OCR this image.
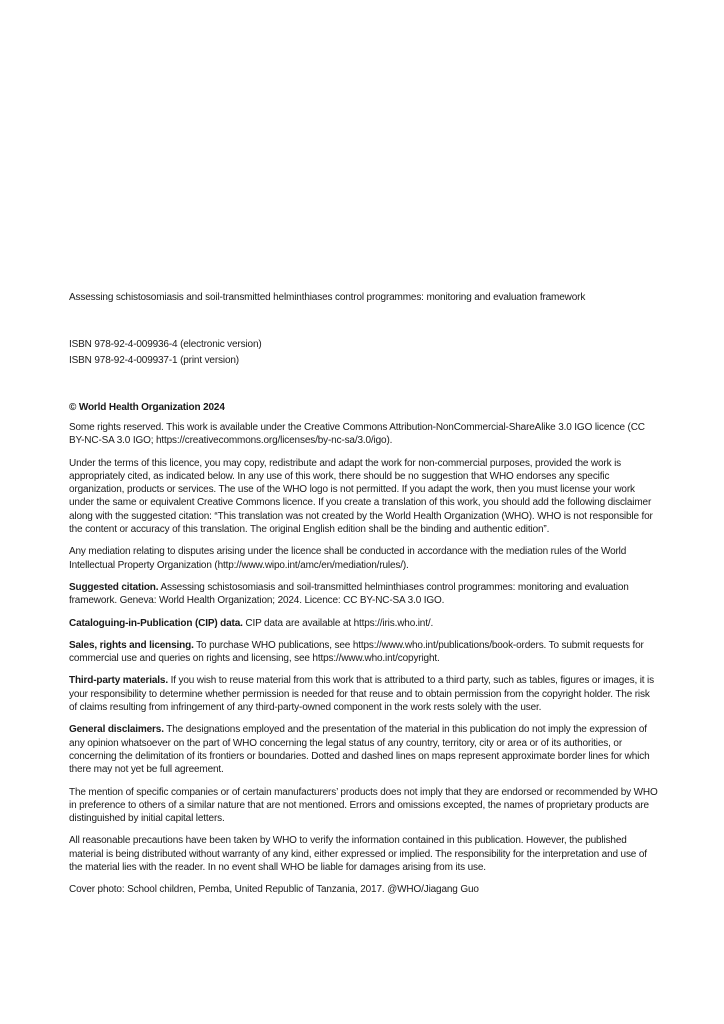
Assessing schistosomiasis and soil-transmitted helminthiases control programmes: monitoring and evaluation framework

ISBN 978-92-4-009936-4 (electronic version)
ISBN 978-92-4-009937-1 (print version)
© World Health Organization 2024

Some rights reserved. This work is available under the Creative Commons Attribution-NonCommercial-ShareAlike 3.0 IGO licence (CC BY-NC-SA 3.0 IGO; https://creativecommons.org/licenses/by-nc-sa/3.0/igo).

Under the terms of this licence, you may copy, redistribute and adapt the work for non-commercial purposes, provided the work is appropriately cited, as indicated below. In any use of this work, there should be no suggestion that WHO endorses any specific organization, products or services. The use of the WHO logo is not permitted. If you adapt the work, then you must license your work under the same or equivalent Creative Commons licence. If you create a translation of this work, you should add the following disclaimer along with the suggested citation: “This translation was not created by the World Health Organization (WHO). WHO is not responsible for the content or accuracy of this translation. The original English edition shall be the binding and authentic edition”.

Any mediation relating to disputes arising under the licence shall be conducted in accordance with the mediation rules of the World Intellectual Property Organization (http://www.wipo.int/amc/en/mediation/rules/).

Suggested citation. Assessing schistosomiasis and soil-transmitted helminthiases control programmes: monitoring and evaluation framework. Geneva: World Health Organization; 2024. Licence: CC BY-NC-SA 3.0 IGO.

Cataloguing-in-Publication (CIP) data. CIP data are available at https://iris.who.int/.

Sales, rights and licensing. To purchase WHO publications, see https://www.who.int/publications/book-orders. To submit requests for commercial use and queries on rights and licensing, see https://www.who.int/copyright.

Third-party materials. If you wish to reuse material from this work that is attributed to a third party, such as tables, figures or images, it is your responsibility to determine whether permission is needed for that reuse and to obtain permission from the copyright holder. The risk of claims resulting from infringement of any third-party-owned component in the work rests solely with the user.

General disclaimers. The designations employed and the presentation of the material in this publication do not imply the expression of any opinion whatsoever on the part of WHO concerning the legal status of any country, territory, city or area or of its authorities, or concerning the delimitation of its frontiers or boundaries. Dotted and dashed lines on maps represent approximate border lines for which there may not yet be full agreement.

The mention of specific companies or of certain manufacturers’ products does not imply that they are endorsed or recommended by WHO in preference to others of a similar nature that are not mentioned. Errors and omissions excepted, the names of proprietary products are distinguished by initial capital letters.

All reasonable precautions have been taken by WHO to verify the information contained in this publication. However, the published material is being distributed without warranty of any kind, either expressed or implied. The responsibility for the interpretation and use of the material lies with the reader. In no event shall WHO be liable for damages arising from its use.

Cover photo: School children, Pemba, United Republic of Tanzania, 2017. @WHO/Jiagang Guo
